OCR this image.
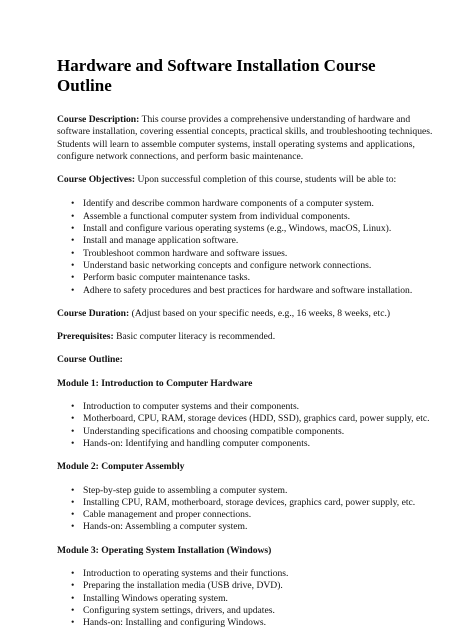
Hardware and Software Installation Course Outline

Course Description: This course provides a comprehensive understanding of hardware and software installation, covering essential concepts, practical skills, and troubleshooting techniques. Students will learn to assemble computer systems, install operating systems and applications, configure network connections, and perform basic maintenance.

Course Objectives: Upon successful completion of this course, students will be able to:

• Identify and describe common hardware components of a computer system.
• Assemble a functional computer system from individual components.
• Install and configure various operating systems (e.g., Windows, macOS, Linux).
• Install and manage application software.
• Troubleshoot common hardware and software issues.
• Understand basic networking concepts and configure network connections.
• Perform basic computer maintenance tasks.
• Adhere to safety procedures and best practices for hardware and software installation.

Course Duration: (Adjust based on your specific needs, e.g., 16 weeks, 8 weeks, etc.)

Prerequisites: Basic computer literacy is recommended.

Course Outline:

Module 1: Introduction to Computer Hardware
• Introduction to computer systems and their components.
• Motherboard, CPU, RAM, storage devices (HDD, SSD), graphics card, power supply, etc.
• Understanding specifications and choosing compatible components.
• Hands-on: Identifying and handling computer components.
Module 2: Computer Assembly
• Step-by-step guide to assembling a computer system.
• Installing CPU, RAM, motherboard, storage devices, graphics card, power supply, etc.
• Cable management and proper connections.
• Hands-on: Assembling a computer system.
Module 3: Operating System Installation (Windows)
• Introduction to operating systems and their functions.
• Preparing the installation media (USB drive, DVD).
• Installing Windows operating system.
• Configuring system settings, drivers, and updates.
• Hands-on: Installing and configuring Windows.
